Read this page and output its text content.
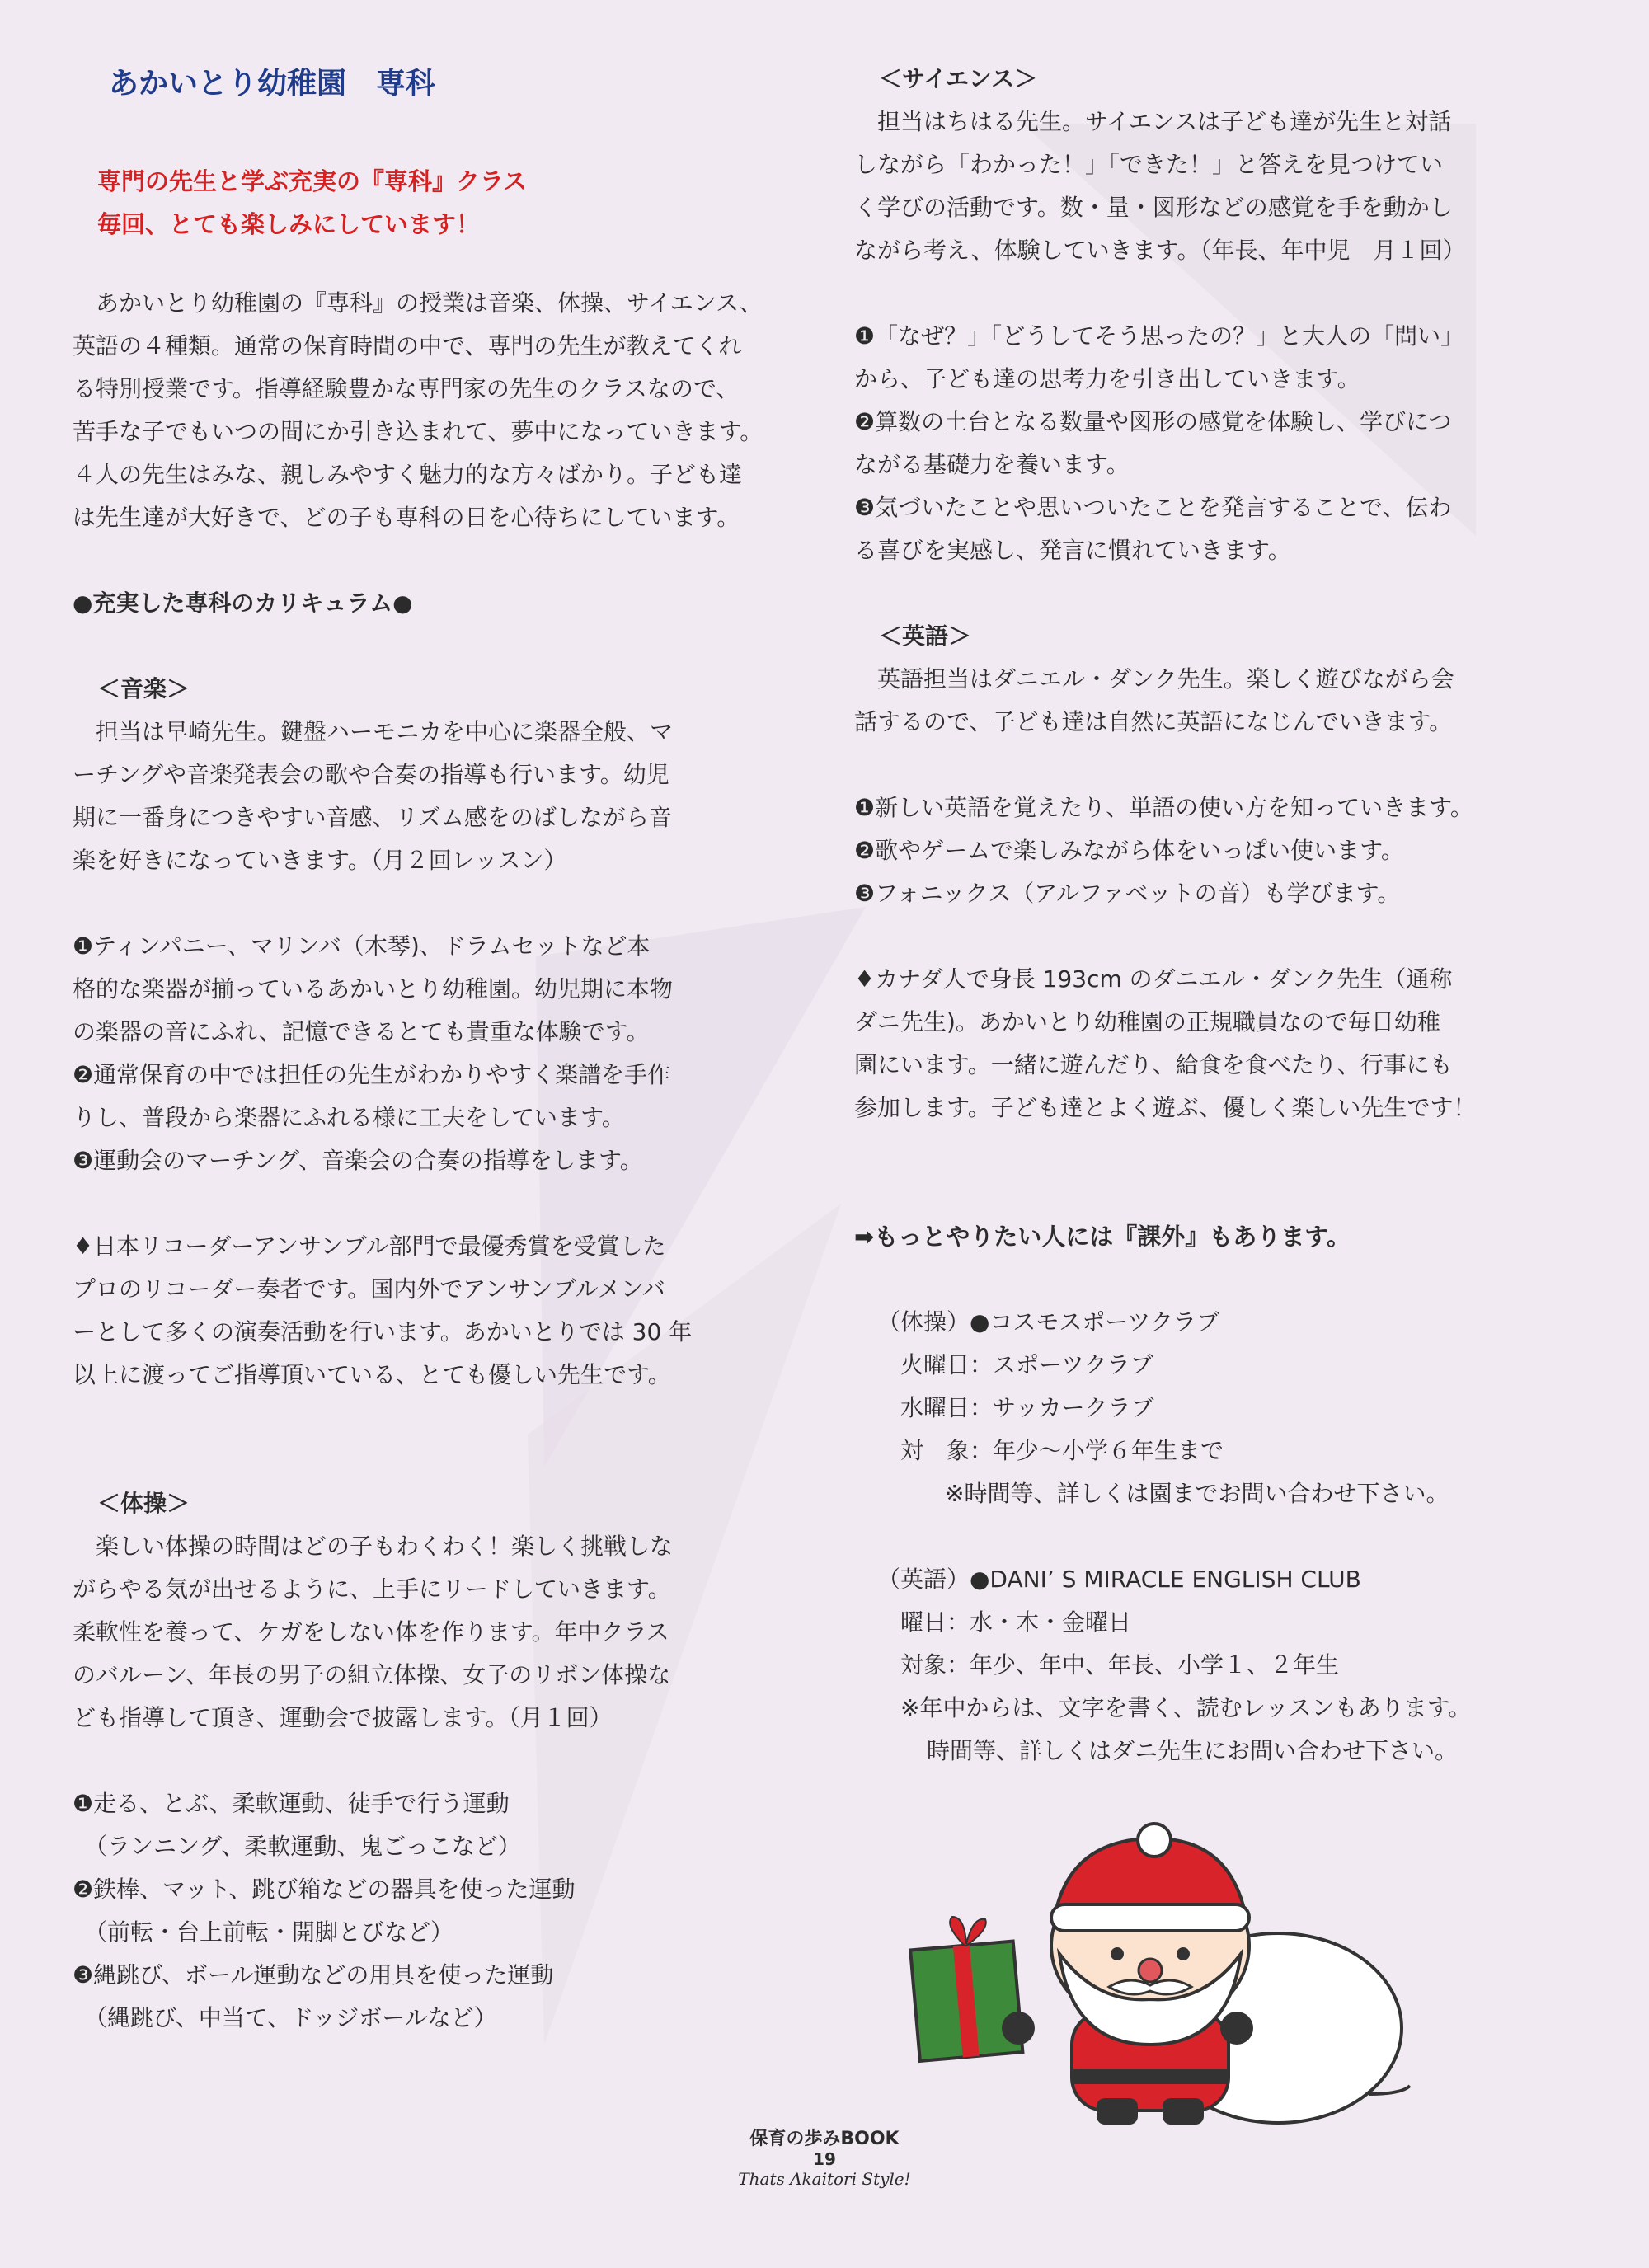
あかいとり幼稚園　専科
専門の先生と学ぶ充実の『専科』クラス
毎回、とても楽しみにしています！

　あかいとり幼稚園の『専科』の授業は音楽、体操、サイエンス、

英語の４種類。通常の保育時間の中で、専門の先生が教えてくれ

る特別授業です。指導経験豊かな専門家の先生のクラスなので、

苦手な子でもいつの間にか引き込まれて、夢中になっていきます。

４人の先生はみな、親しみやすく魅力的な方々ばかり。子ども達

は先生達が大好きで、どの子も専科の日を心待ちにしています。

●充実した専科のカリキュラム●

＜音楽＞

　担当は早崎先生。鍵盤ハーモニカを中心に楽器全般、マ

ーチングや音楽発表会の歌や合奏の指導も行います。幼児

期に一番身につきやすい音感、リズム感をのばしながら音

楽を好きになっていきます。（月２回レッスン）

❶ティンパニー、マリンバ（木琴)、ドラムセットなど本

格的な楽器が揃っているあかいとり幼稚園。幼児期に本物

の楽器の音にふれ、記憶できるとても貴重な体験です。

❷通常保育の中では担任の先生がわかりやすく楽譜を手作

りし、普段から楽器にふれる様に工夫をしています。

❸運動会のマーチング、音楽会の合奏の指導をします。

♦日本リコーダーアンサンブル部門で最優秀賞を受賞した

プロのリコーダー奏者です。国内外でアンサンブルメンバ

ーとして多くの演奏活動を行います。あかいとりでは 30 年

以上に渡ってご指導頂いている、とても優しい先生です。

＜体操＞

　楽しい体操の時間はどの子もわくわく！楽しく挑戦しな

がらやる気が出せるように、上手にリードしていきます。

柔軟性を養って、ケガをしない体を作ります。年中クラス

のバルーン、年長の男子の組立体操、女子のリボン体操な

ども指導して頂き、運動会で披露します。（月１回）

❶走る、とぶ、柔軟運動、徒手で行う運動

　（ランニング、柔軟運動、鬼ごっこなど）

❷鉄棒、マット、跳び箱などの器具を使った運動

　（前転・台上前転・開脚とびなど）

❸縄跳び、ボール運動などの用具を使った運動

　（縄跳び、中当て、ドッジボールなど）

＜サイエンス＞

　担当はちはる先生。サイエンスは子ども達が先生と対話

しながら「わかった！」「できた！」と答えを見つけてい

く学びの活動です。数・量・図形などの感覚を手を動かし

ながら考え、体験していきます。（年長、年中児　月１回）

❶「なぜ？」「どうしてそう思ったの？」と大人の「問い」

から、子ども達の思考力を引き出していきます。

❷算数の土台となる数量や図形の感覚を体験し、学びにつ

ながる基礎力を養います。

❸気づいたことや思いついたことを発言することで、伝わ

る喜びを実感し、発言に慣れていきます。

＜英語＞

　英語担当はダニエル・ダンク先生。楽しく遊びながら会

話するので、子ども達は自然に英語になじんでいきます。

❶新しい英語を覚えたり、単語の使い方を知っていきます。

❷歌やゲームで楽しみながら体をいっぱい使います。

❸フォニックス（アルファベットの音）も学びます。

♦カナダ人で身長 193cm のダニエル・ダンク先生（通称

ダニ先生)。あかいとり幼稚園の正規職員なので毎日幼稚

園にいます。一緒に遊んだり、給食を食べたり、行事にも

参加します。子ども達とよく遊ぶ、優しく楽しい先生です！

➡もっとやりたい人には『課外』もあります。

（体操）●コスモスポーツクラブ

火曜日：スポーツクラブ

水曜日：サッカークラブ

対　象：年少～小学６年生まで

※時間等、詳しくは園までお問い合わせ下さい。

（英語）●DANI’ S MIRACLE ENGLISH CLUB

曜日：水・木・金曜日

対象：年少、年中、年長、小学１、２年生

※年中からは、文字を書く、読むレッスンもあります。

時間等、詳しくはダニ先生にお問い合わせ下さい。

保育の歩みBOOK
19
Thats Akaitori Style!
